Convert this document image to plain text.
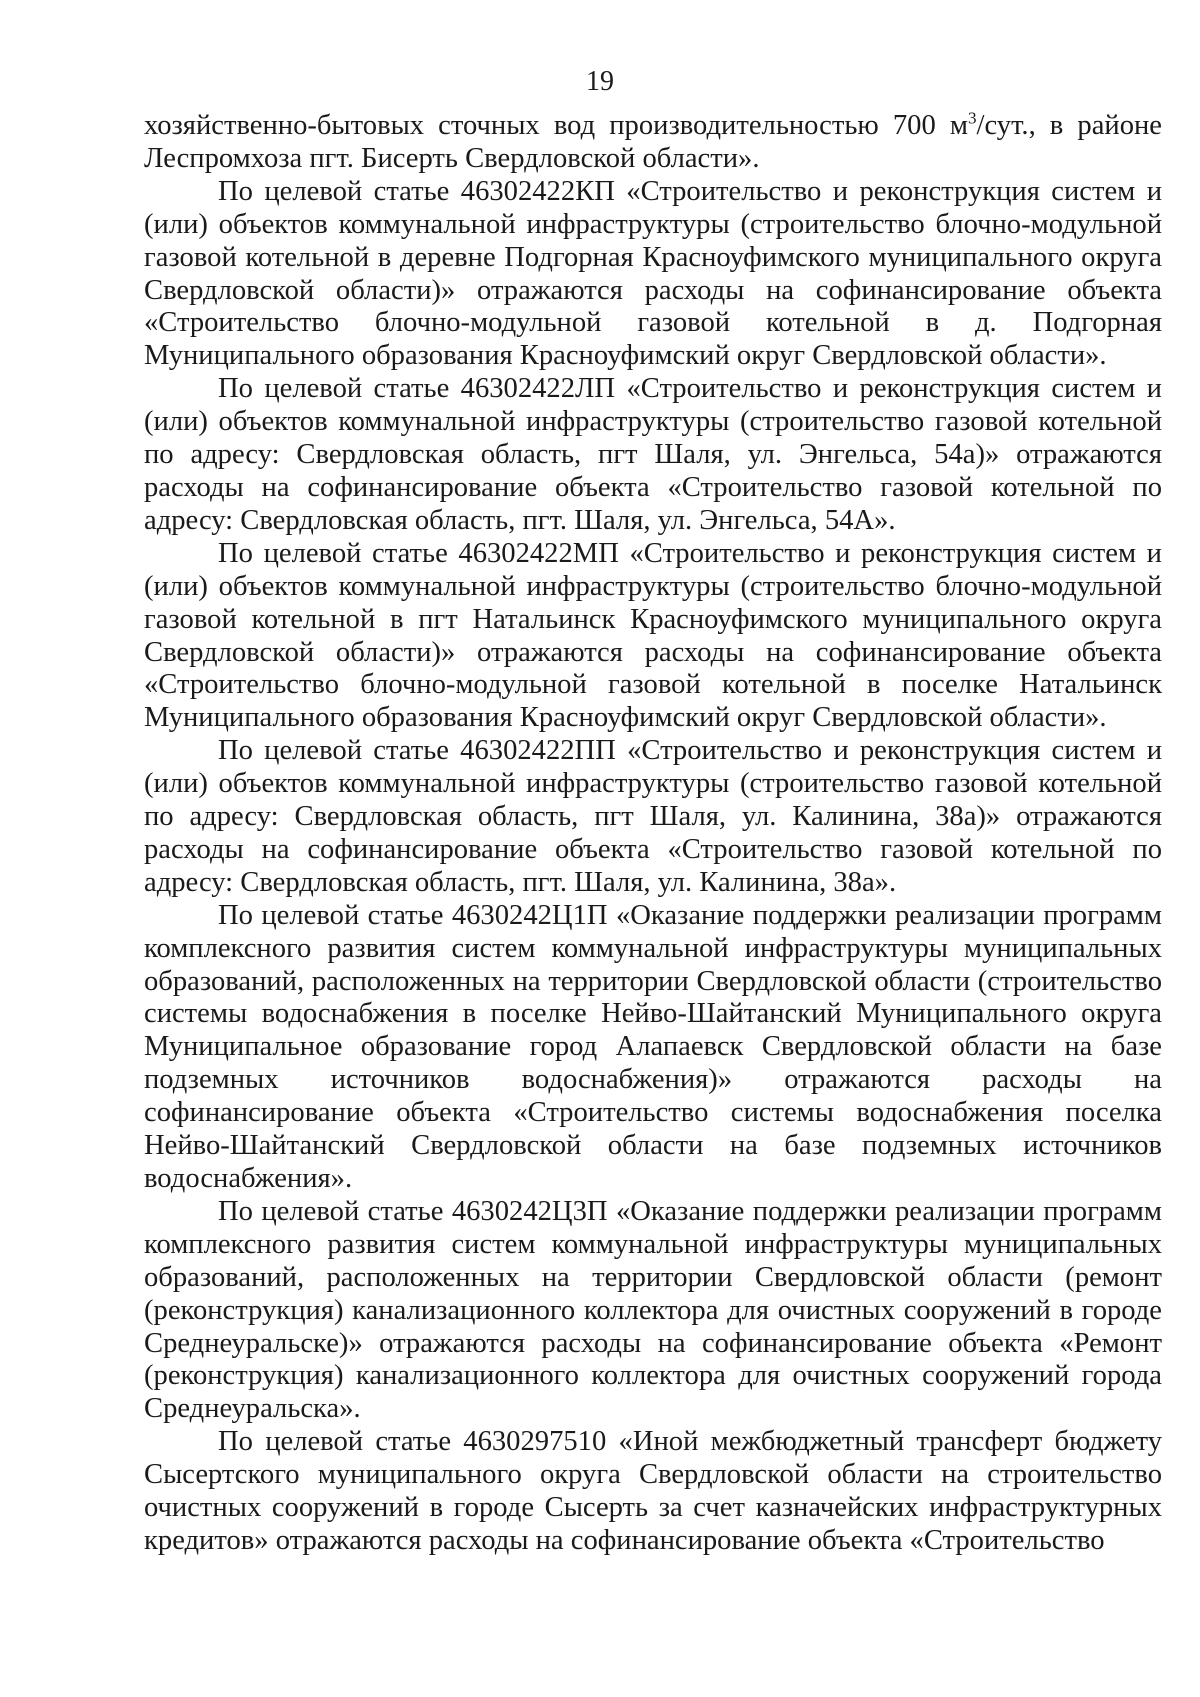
19

хозяйственно-бытовых сточных вод производительностью 700 $м^3$/сут., в районе Леспромхоза пгт. Бисерть Свердловской области».

По целевой статье 46302422КП «Строительство и реконструкция систем и (или) объектов коммунальной инфраструктуры (строительство блочно-модульной газовой котельной в деревне Подгорная Красноуфимского муниципального округа Свердловской области)» отражаются расходы на софинансирование объекта «Строительство блочно-модульной газовой котельной в д. Подгорная Муниципального образования Красноуфимский округ Свердловской области».

По целевой статье 46302422ЛП «Строительство и реконструкция систем и (или) объектов коммунальной инфраструктуры (строительство газовой котельной по адресу: Свердловская область, пгт Шаля, ул. Энгельса, 54а)» отражаются расходы на софинансирование объекта «Строительство газовой котельной по адресу: Свердловская область, пгт. Шаля, ул. Энгельса, 54А».

По целевой статье 46302422МП «Строительство и реконструкция систем и (или) объектов коммунальной инфраструктуры (строительство блочно-модульной газовой котельной в пгт Натальинск Красноуфимского муниципального округа Свердловской области)» отражаются расходы на софинансирование объекта «Строительство блочно-модульной газовой котельной в поселке Натальинск Муниципального образования Красноуфимский округ Свердловской области».

По целевой статье 46302422ПП «Строительство и реконструкция систем и (или) объектов коммунальной инфраструктуры (строительство газовой котельной по адресу: Свердловская область, пгт Шаля, ул. Калинина, 38а)» отражаются расходы на софинансирование объекта «Строительство газовой котельной по адресу: Свердловская область, пгт. Шаля, ул. Калинина, 38а».

По целевой статье 4630242Ц1П «Оказание поддержки реализации программ комплексного развития систем коммунальной инфраструктуры муниципальных образований, расположенных на территории Свердловской области (строительство системы водоснабжения в поселке Нейво-Шайтанский Муниципального округа Муниципальное образование город Алапаевск Свердловской области на базе подземных источников водоснабжения)» отражаются расходы на софинансирование объекта «Строительство системы водоснабжения поселка Нейво-Шайтанский Свердловской области на базе подземных источников водоснабжения».

По целевой статье 4630242Ц3П «Оказание поддержки реализации программ комплексного развития систем коммунальной инфраструктуры муниципальных образований, расположенных на территории Свердловской области (ремонт (реконструкция) канализационного коллектора для очистных сооружений в городе Среднеуральске)» отражаются расходы на софинансирование объекта «Ремонт (реконструкция) канализационного коллектора для очистных сооружений города Среднеуральска».

По целевой статье 4630297510 «Иной межбюджетный трансферт бюджету Сысертского муниципального округа Свердловской области на строительство очистных сооружений в городе Сысерть за счет казначейских инфраструктурных кредитов» отражаются расходы на софинансирование объекта «Строительство
